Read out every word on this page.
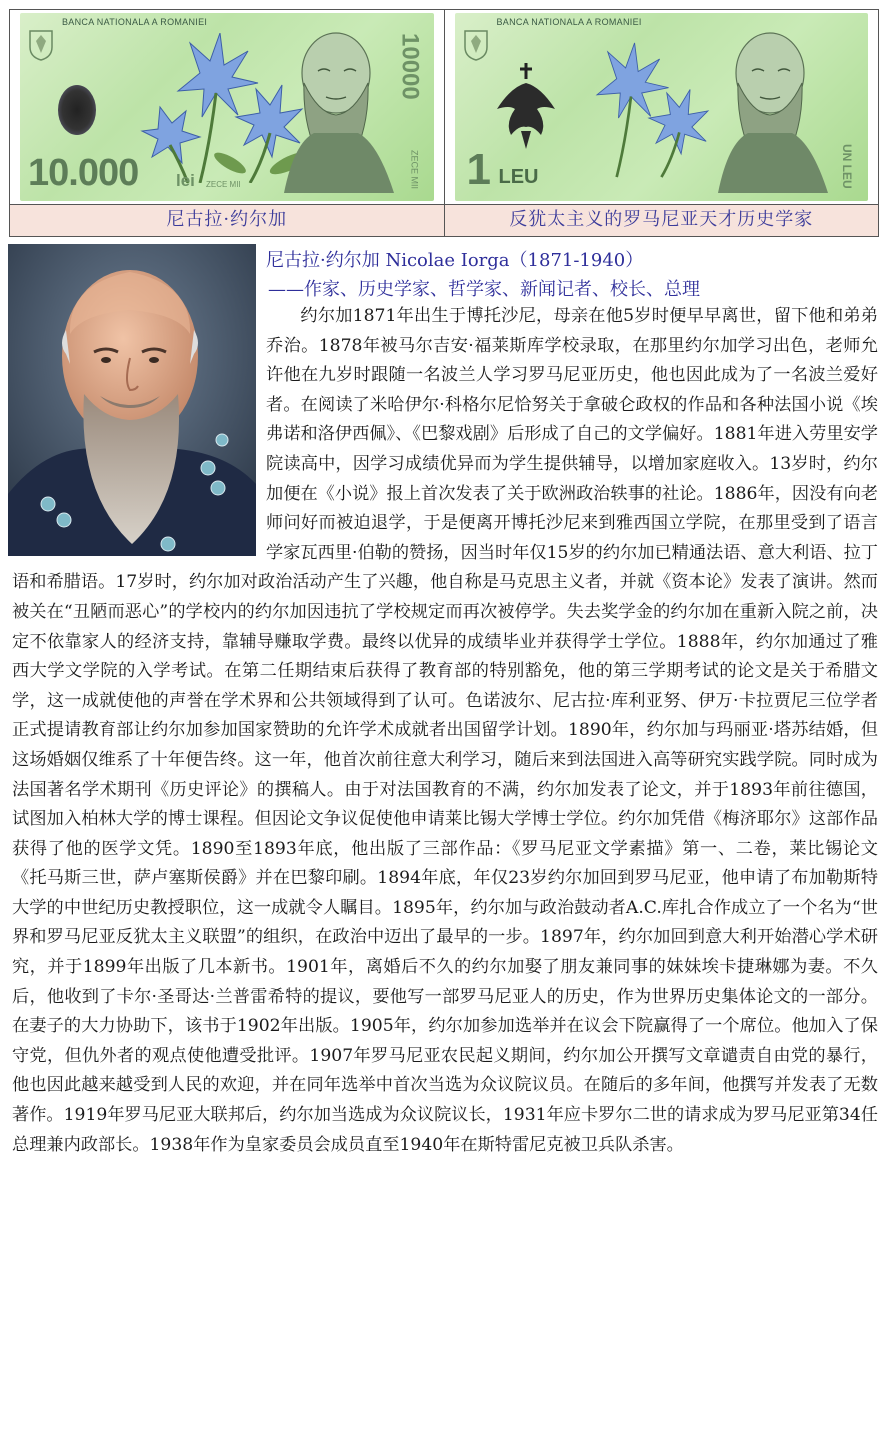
BANCA NATIONALA A ROMANIEI
10000
ZECE MII
10.000 lei ZECE MII
BANCA NATIONALA A ROMANIEI
UN LEU
1 LEU
尼古拉·约尔加	反犹太主义的罗马尼亚天才历史学家
尼古拉·约尔加 Nicolae Iorga（1871-1940）
——作家、历史学家、哲学家、新闻记者、校长、总理

约尔加1871年出生于博托沙尼，母亲在他5岁时便早早离世，留下他和弟弟乔治。1878年被马尔吉安·福莱斯库学校录取，在那里约尔加学习出色，老师允许他在九岁时跟随一名波兰人学习罗马尼亚历史，他也因此成为了一名波兰爱好者。在阅读了米哈伊尔·科格尔尼恰努关于拿破仑政权的作品和各种法国小说《埃弗诺和洛伊西佩》、《巴黎戏剧》后形成了自己的文学偏好。1881年进入劳里安学院读高中，因学习成绩优异而为学生提供辅导，以增加家庭收入。13岁时，约尔加便在《小说》报上首次发表了关于欧洲政治轶事的社论。1886年，因没有向老师问好而被迫退学，于是便离开博托沙尼来到雅西国立学院，在那里受到了语言学家瓦西里·伯勒的赞扬，因当时年仅15岁的约尔加已精通法语、意大利语、拉丁语和希腊语。17岁时，约尔加对政治活动产生了兴趣，他自称是马克思主义者，并就《资本论》发表了演讲。然而被关在“丑陋而恶心”的学校内的约尔加因违抗了学校规定而再次被停学。失去奖学金的约尔加在重新入院之前，决定不依靠家人的经济支持，靠辅导赚取学费。最终以优异的成绩毕业并获得学士学位。1888年，约尔加通过了雅西大学文学院的入学考试。在第二任期结束后获得了教育部的特别豁免，他的第三学期考试的论文是关于希腊文学，这一成就使他的声誉在学术界和公共领域得到了认可。色诺波尔、尼古拉·库利亚努、伊万·卡拉贾尼三位学者正式提请教育部让约尔加参加国家赞助的允许学术成就者出国留学计划。1890年，约尔加与玛丽亚·塔苏结婚，但这场婚姻仅维系了十年便告终。这一年，他首次前往意大利学习，随后来到法国进入高等研究实践学院。同时成为法国著名学术期刊《历史评论》的撰稿人。由于对法国教育的不满，约尔加发表了论文，并于1893年前往德国，试图加入柏林大学的博士课程。但因论文争议促使他申请莱比锡大学博士学位。约尔加凭借《梅济耶尔》这部作品获得了他的医学文凭。1890至1893年底，他出版了三部作品：《罗马尼亚文学素描》第一、二卷，莱比锡论文《托马斯三世，萨卢塞斯侯爵》并在巴黎印刷。1894年底，年仅23岁约尔加回到罗马尼亚，他申请了布加勒斯特大学的中世纪历史教授职位，这一成就令人瞩目。1895年，约尔加与政治鼓动者A.C.库扎合作成立了一个名为“世界和罗马尼亚反犹太主义联盟”的组织，在政治中迈出了最早的一步。1897年，约尔加回到意大利开始潜心学术研究，并于1899年出版了几本新书。1901年，离婚后不久的约尔加娶了朋友兼同事的妹妹埃卡捷琳娜为妻。不久后，他收到了卡尔·圣哥达·兰普雷希特的提议，要他写一部罗马尼亚人的历史，作为世界历史集体论文的一部分。在妻子的大力协助下，该书于1902年出版。1905年，约尔加参加选举并在议会下院赢得了一个席位。他加入了保守党，但仇外者的观点使他遭受批评。1907年罗马尼亚农民起义期间，约尔加公开撰写文章谴责自由党的暴行，他也因此越来越受到人民的欢迎，并在同年选举中首次当选为众议院议员。在随后的多年间，他撰写并发表了无数著作。1919年罗马尼亚大联邦后，约尔加当选成为众议院议长，1931年应卡罗尔二世的请求成为罗马尼亚第34任总理兼内政部长。1938年作为皇家委员会成员直至1940年在斯特雷尼克被卫兵队杀害。
